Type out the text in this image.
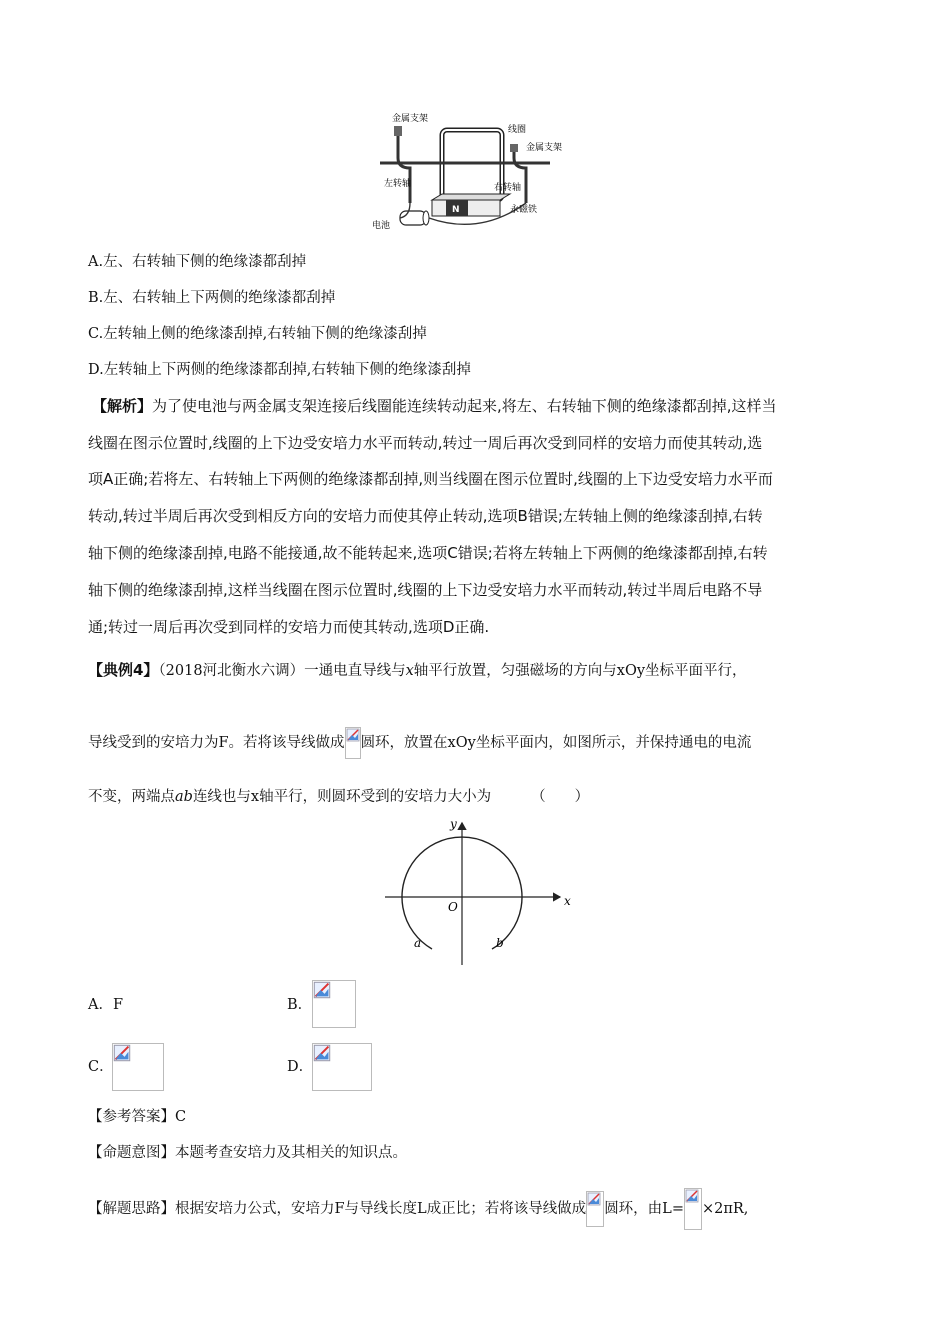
N
金属支架
线圈
金属支架
左转轴	右转轴
永磁铁
电池
A.左、右转轴下侧的绝缘漆都刮掉
B.左、右转轴上下两侧的绝缘漆都刮掉
C.左转轴上侧的绝缘漆刮掉,右转轴下侧的绝缘漆刮掉
D.左转轴上下两侧的绝缘漆都刮掉,右转轴下侧的绝缘漆刮掉
【解析】为了使电池与两金属支架连接后线圈能连续转动起来,将左、右转轴下侧的绝缘漆都刮掉,这样当
线圈在图示位置时,线圈的上下边受安培力水平而转动,转过一周后再次受到同样的安培力而使其转动,选
项A正确;若将左、右转轴上下两侧的绝缘漆都刮掉,则当线圈在图示位置时,线圈的上下边受安培力水平而
转动,转过半周后再次受到相反方向的安培力而使其停止转动,选项B错误;左转轴上侧的绝缘漆刮掉,右转
轴下侧的绝缘漆刮掉,电路不能接通,故不能转起来,选项C错误;若将左转轴上下两侧的绝缘漆都刮掉,右转
轴下侧的绝缘漆刮掉,这样当线圈在图示位置时,线圈的上下边受安培力水平而转动,转过半周后电路不导
通;转过一周后再次受到同样的安培力而使其转动,选项D正确.
【典例4】（2018河北衡水六调）一通电直导线与x轴平行放置，匀强磁场的方向与xOy坐标平面平行，
导线受到的安培力为F。若将该导线做成 圆环，放置在xOy坐标平面内，如图所示，并保持通电的电流
不变，两端点ab连线也与x轴平行，则圆环受到的安培力大小为	（　　）
y
x
O
a	b
A．F	B．
C．	D．
【参考答案】C
【命题意图】本题考查安培力及其相关的知识点。
【解题思路】根据安培力公式，安培力F与导线长度L成正比；若将该导线做成 圆环，由L= ×2πR,
